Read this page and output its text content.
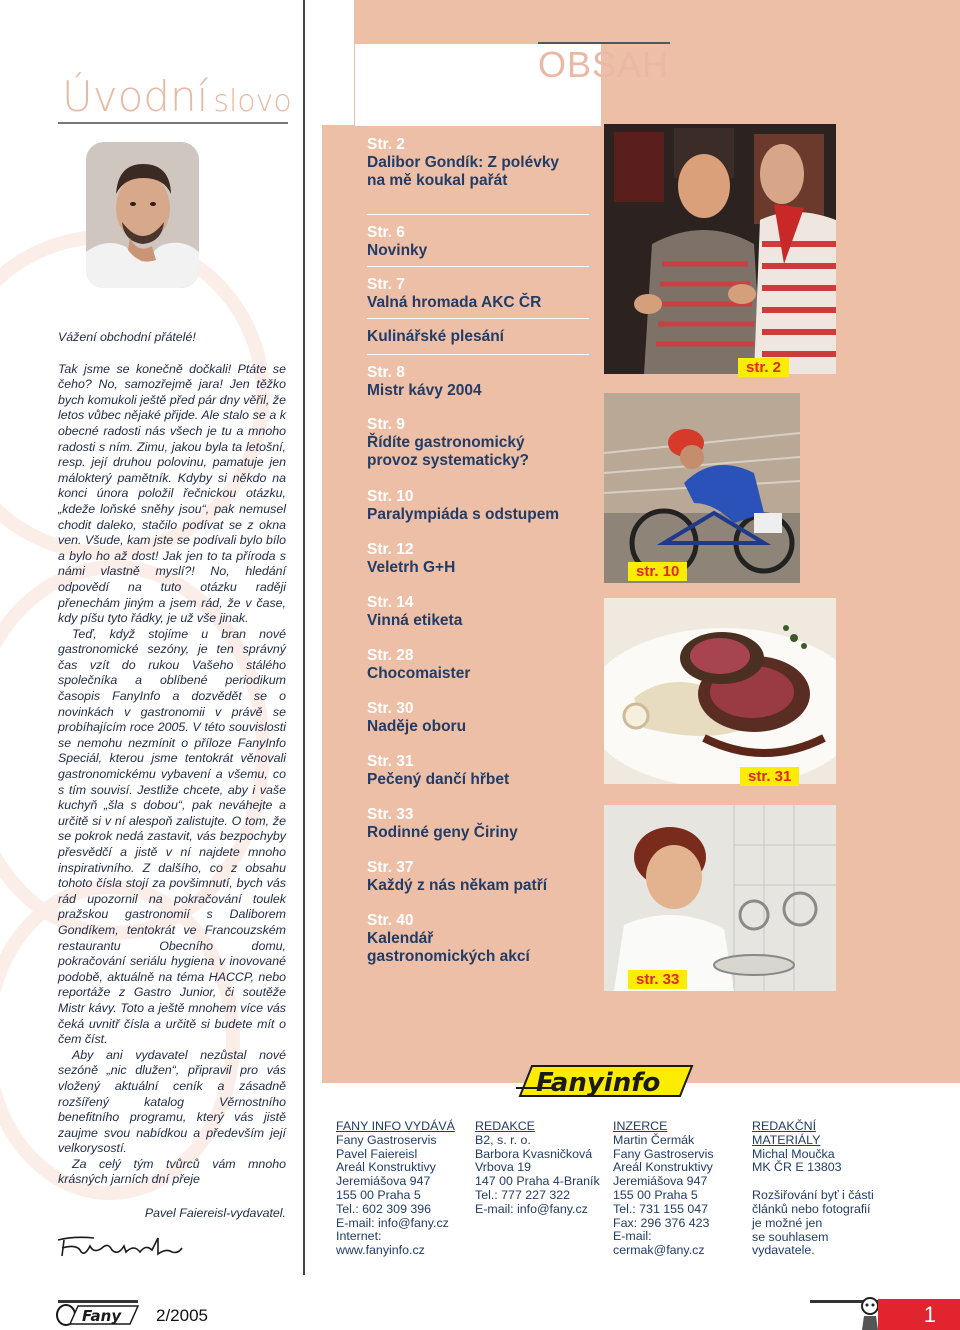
Úvodní slovo

Vážení obchodní přátelé!

Tak jsme se konečně dočkali! Ptáte se čeho? No, samozřejmě jara! Jen těžko bych komukoli ještě před pár dny věřil, že letos vůbec nějaké přijde. Ale stalo se a k obecné radosti nás všech je tu a mnoho radosti s ním. Zimu, jakou byla ta letošní, resp. její druhou polovinu, pamatuje jen málokterý pamětník. Kdyby si někdo na konci února položil řečnickou otázku, „kdeže loňské sněhy jsou“, pak nemusel chodit daleko, stačilo podívat se z okna ven. Všude, kam jste se podívali bylo bílo a bylo ho až dost! Jak jen to ta příroda s námi vlastně myslí?! No, hledání odpovědí na tuto otázku raději přenechám jiným a jsem rád, že v čase, kdy píšu tyto řádky, je už vše jinak.

Teď, když stojíme u bran nové gastronomické sezóny, je ten správný čas vzít do rukou Vašeho stálého společníka a oblíbené periodikum časopis FanyInfo a dozvědět se o novinkách v gastronomii v právě se probíhajícím roce 2005. V této souvislosti se nemohu nezmínit o příloze FanyInfo Speciál, kterou jsme tentokrát věnovali gastronomickému vybavení a všemu, co s tím souvisí. Jestliže chcete, aby i vaše kuchyň „šla s dobou“, pak neváhejte a určitě si v ní alespoň zalistujte. O tom, že se pokrok nedá zastavit, vás bezpochyby přesvědčí a jistě v ní najdete mnoho inspirativního. Z dalšího, co z obsahu tohoto čísla stojí za povšimnutí, bych vás rád upozornil na pokračování toulek pražskou gastronomií s Daliborem Gondíkem, tentokrát ve Francouzském restaurantu Obecního domu, pokračování seriálu hygiena v inovované podobě, aktuálně na téma HACCP, nebo reportáže z Gastro Junior, či soutěže Mistr kávy. Toto a ještě mnohem více vás čeká uvnitř čísla a určitě si budete mít o čem číst.

Aby ani vydavatel nezůstal nové sezóně „nic dlužen“, připravil pro vás vložený aktuální ceník a zásadně rozšířený katalog Věrnostního benefitního programu, který vás jistě zaujme svou nabídkou a především její velkorysostí.

Za celý tým tvůrců vám mnoho krásných jarních dní přeje

Pavel Faiereisl-vydavatel.

OBSAH
Str. 2
Dalibor Gondík: Z polévky na mě koukal pařát
Str. 6
Novinky
Str. 7
Valná hromada AKC ČR
Kulinářské plesání
Str. 8
Mistr kávy 2004
Str. 9
Řídíte gastronomický provoz systematicky?
Str. 10
Paralympiáda s odstupem
Str. 12
Veletrh G+H
Str. 14
Vinná etiketa
Str. 28
Chocomaister
Str. 30
Naděje oboru
Str. 31
Pečený dančí hřbet
Str. 33
Rodinné geny Čiriny
Str. 37
Každý z nás někam patří
Str. 40
Kalendář gastronomických akcí
str. 2
str. 10
str. 31
str. 33
Fanyinfo
FANY INFO VYDÁVÁ
Fany Gastroservis
Pavel Faiereisl
Areál Konstruktivy
Jeremiášova 947
155 00 Praha 5
Tel.: 602 309 396
E-mail: info@fany.cz
Internet:
www.fanyinfo.cz
REDAKCE
B2, s. r. o.
Barbora Kvasničková
Vrbova 19
147 00 Praha 4-Braník
Tel.: 777 227 322
E-mail: info@fany.cz
INZERCE
Martin Čermák
Fany Gastroservis
Areál Konstruktivy
Jeremiášova 947
155 00 Praha 5
Tel.: 731 155 047
Fax: 296 376 423
E-mail:
cermak@fany.cz
REDAKČNÍ
MATERIÁLY
Michal Moučka
MK ČR E 13803
Rozšiřování byť i části
článků nebo fotografií
je možné jen
se souhlasem
vydavatele.
Fany 2/2005	1
